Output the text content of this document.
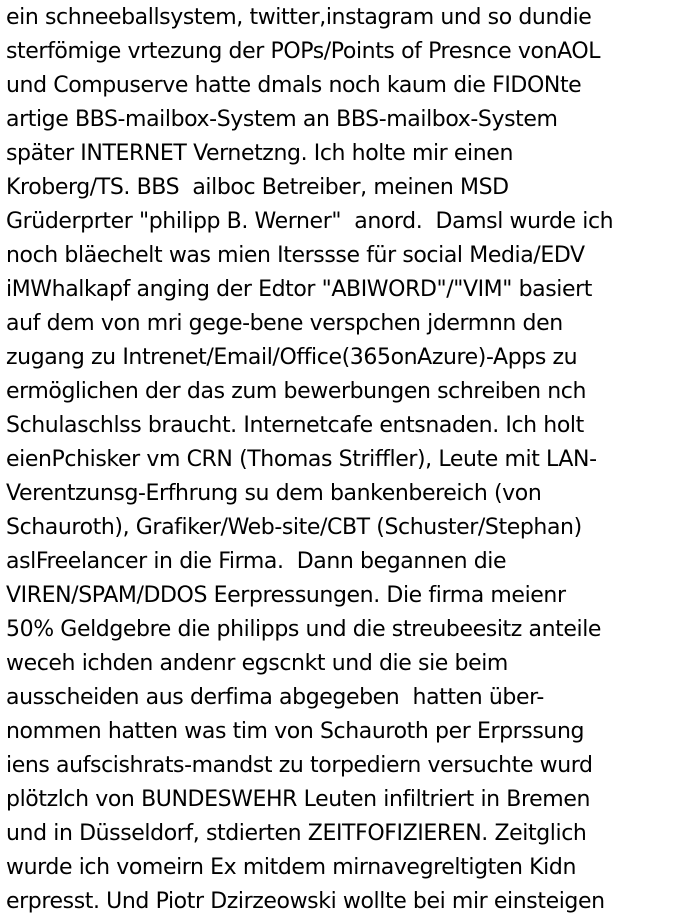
ein schneeballsystem, twitter,instagram und so dundie
sterfömige vrtezung der POPs/Points of Presnce vonAOL
und Compuserve hatte dmals noch kaum die FIDONte
artige BBS-mailbox-System an BBS-mailbox-System
später INTERNET Vernetzng. Ich holte mir einen
Kroberg/TS. BBS  ailboc Betreiber, meinen MSD
Grüderprter "philipp B. Werner"  anord.  Damsl wurde ich
noch bläechelt was mien Iterssse für social Media/EDV
iMWhalkapf anging der Edtor "ABIWORD"/"VIM" basiert
auf dem von mri gege-bene verspchen jdermnn den
zugang zu Intrenet/Email/Office(365onAzure)-Apps zu
ermöglichen der das zum bewerbungen schreiben nch
Schulaschlss braucht. Internetcafe entsnaden. Ich holt
eienPchisker vm CRN (Thomas Striffler), Leute mit LAN-
Verentzunsg-Erfhrung su dem bankenbereich (von
Schauroth), Grafiker/Web-site/CBT (Schuster/Stephan)
aslFreelancer in die Firma.  Dann begannen die
VIREN/SPAM/DDOS Eerpressungen. Die firma meienr
50% Geldgebre die philipps und die streubeesitz anteile
weceh ichden andenr egscnkt und die sie beim
ausscheiden aus derfima abgegeben  hatten über-
nommen hatten was tim von Schauroth per Erprssung
iens aufscishrats-mandst zu torpediern versuchte wurd
plötzlch von BUNDESWEHR Leuten infiltriert in Bremen
und in Düsseldorf, stdierten ZEITFOFIZIEREN. Zeitglich
wurde ich vomeirn Ex mitdem mirnavegreltigten Kidn
erpresst. Und Piotr Dzirzeowski wollte bei mir einsteigen
